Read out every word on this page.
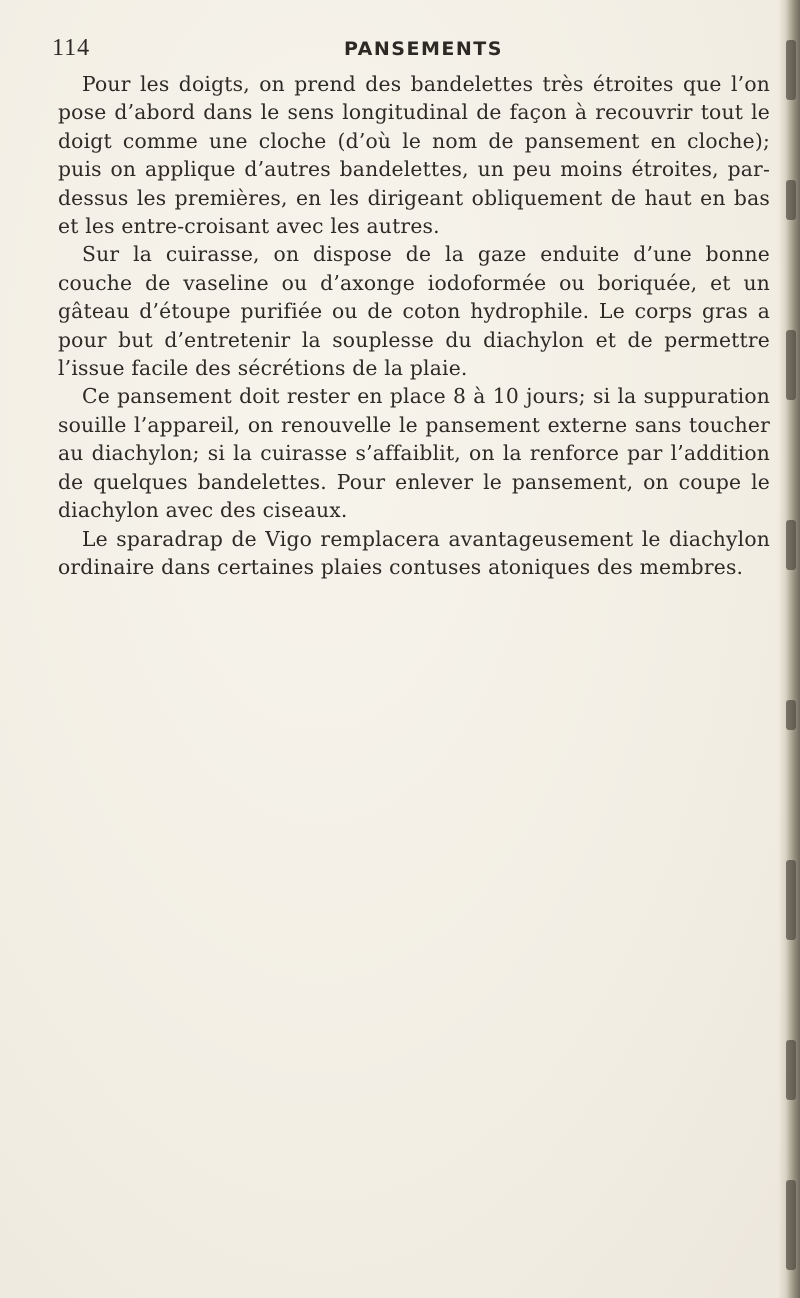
114	PANSEMENTS

Pour les doigts, on prend des bandelettes très étroites que l’on pose d’abord dans le sens longitudinal de façon à recouvrir tout le doigt comme une cloche (d’où le nom de pansement en cloche); puis on applique d’autres bandelettes, un peu moins étroites, par-dessus les premières, en les dirigeant obliquement de haut en bas et les entre-croisant avec les autres.

Sur la cuirasse, on dispose de la gaze enduite d’une bonne couche de vaseline ou d’axonge iodoformée ou boriquée, et un gâteau d’étoupe purifiée ou de coton hydrophile. Le corps gras a pour but d’entretenir la souplesse du diachylon et de permettre l’issue facile des sécrétions de la plaie.

Ce pansement doit rester en place 8 à 10 jours; si la suppuration souille l’appareil, on renouvelle le pansement externe sans toucher au diachylon; si la cuirasse s’affaiblit, on la renforce par l’addition de quelques bandelettes. Pour enlever le pansement, on coupe le diachylon avec des ciseaux.

Le sparadrap de Vigo remplacera avantageusement le diachylon ordinaire dans certaines plaies contuses atoniques des membres.
